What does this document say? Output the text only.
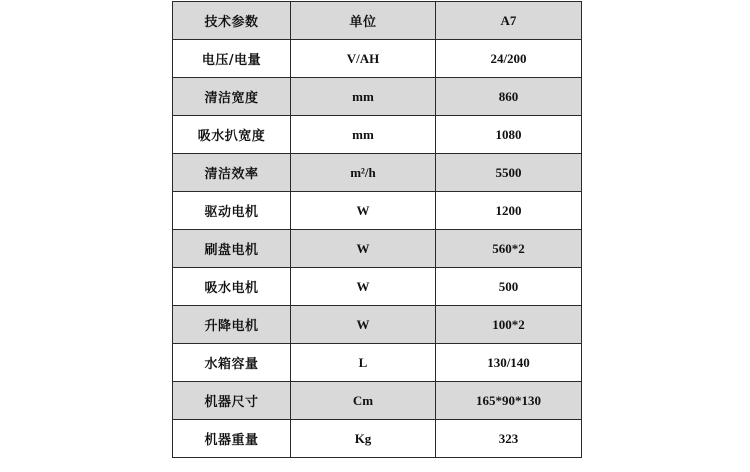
技术参数	单位	A7
电压/电量	V/AH	24/200
清洁宽度	mm	860
吸水扒宽度	mm	1080
清洁效率	m²/h	5500
驱动电机	W	1200
刷盘电机	W	560*2
吸水电机	W	500
升降电机	W	100*2
水箱容量	L	130/140
机器尺寸	Cm	165*90*130
机器重量	Kg	323
